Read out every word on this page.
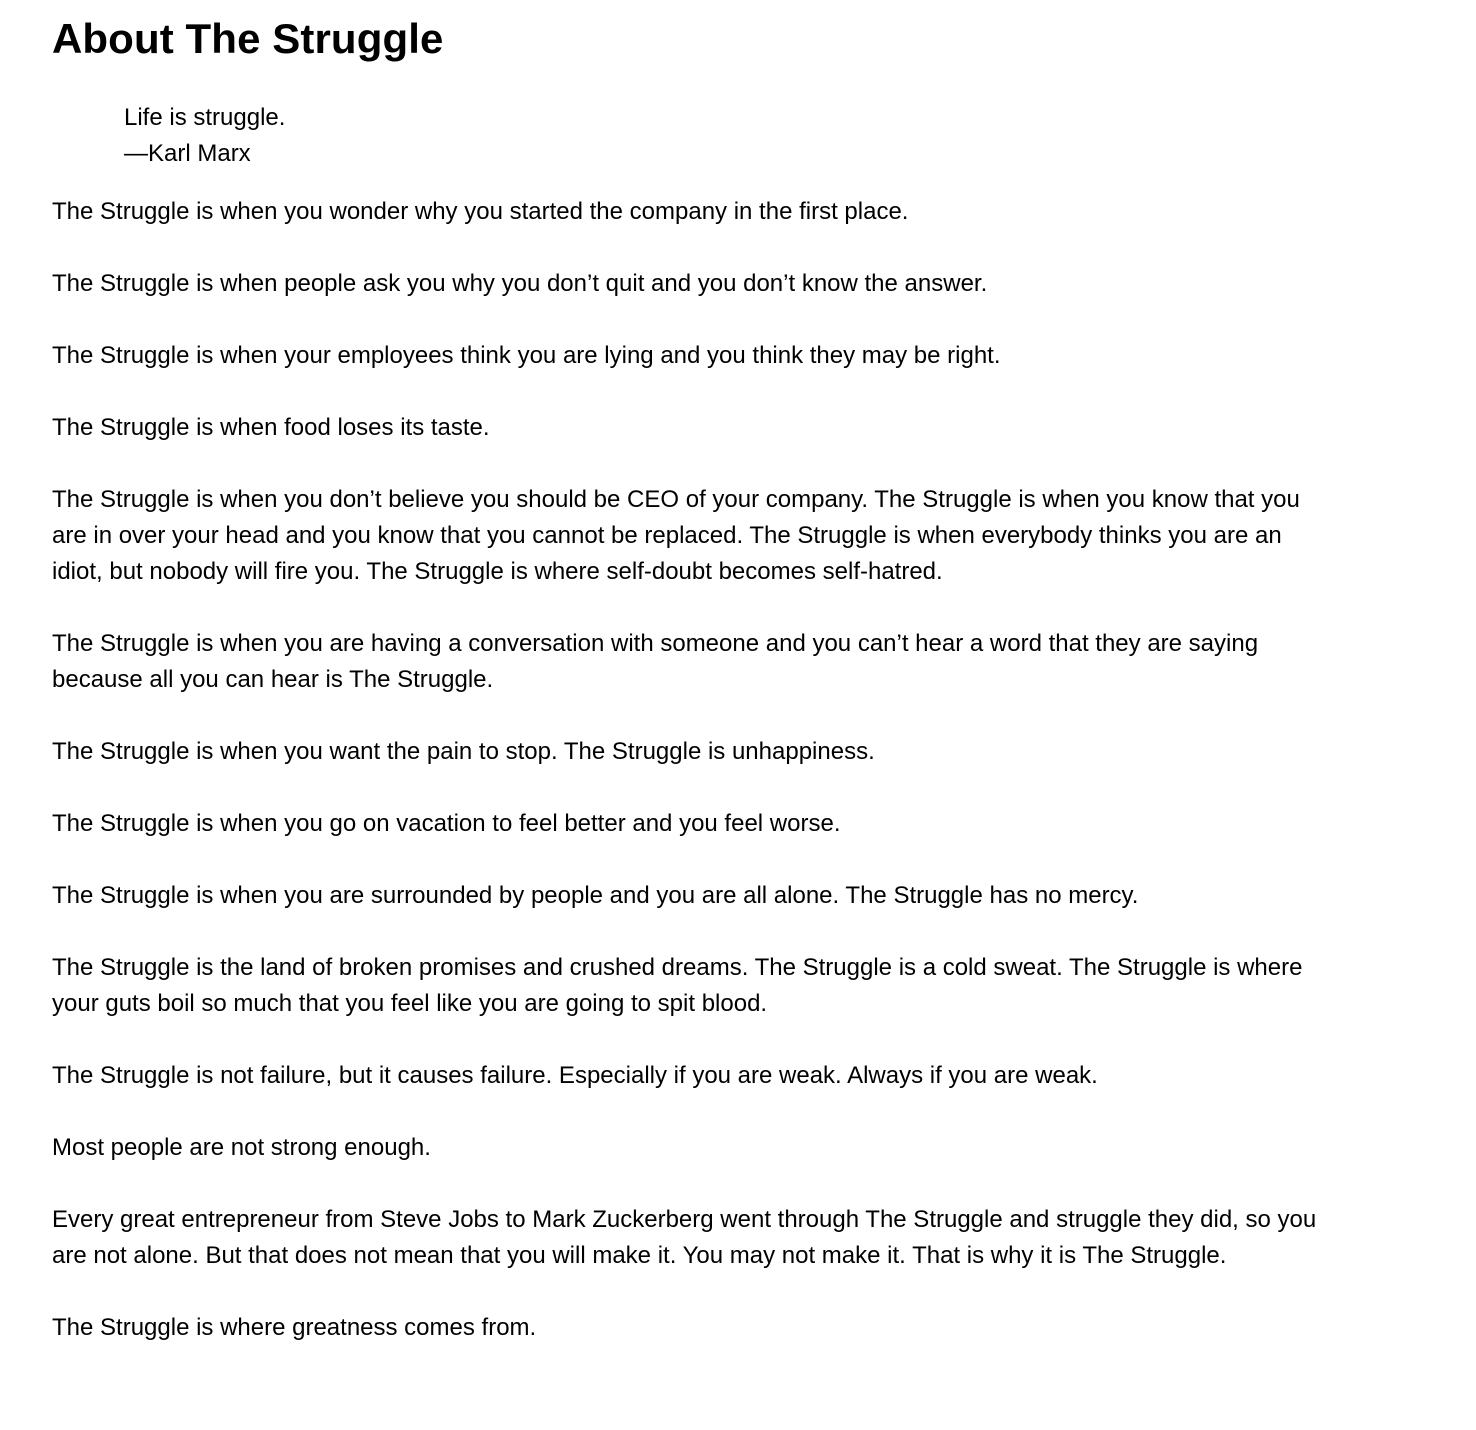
About The Struggle

Life is struggle.

—Karl Marx

The Struggle is when you wonder why you started the company in the first place.

The Struggle is when people ask you why you don’t quit and you don’t know the answer.

The Struggle is when your employees think you are lying and you think they may be right.

The Struggle is when food loses its taste.

The Struggle is when you don’t believe you should be CEO of your company. The Struggle is when you know that you are in over your head and you know that you cannot be replaced. The Struggle is when everybody thinks you are an idiot, but nobody will fire you. The Struggle is where self-doubt becomes self-hatred.

The Struggle is when you are having a conversation with someone and you can’t hear a word that they are saying because all you can hear is The Struggle.

The Struggle is when you want the pain to stop. The Struggle is unhappiness.

The Struggle is when you go on vacation to feel better and you feel worse.

The Struggle is when you are surrounded by people and you are all alone. The Struggle has no mercy.

The Struggle is the land of broken promises and crushed dreams. The Struggle is a cold sweat. The Struggle is where your guts boil so much that you feel like you are going to spit blood.

The Struggle is not failure, but it causes failure. Especially if you are weak. Always if you are weak.

Most people are not strong enough.

Every great entrepreneur from Steve Jobs to Mark Zuckerberg went through The Struggle and struggle they did, so you are not alone. But that does not mean that you will make it. You may not make it. That is why it is The Struggle.

The Struggle is where greatness comes from.
